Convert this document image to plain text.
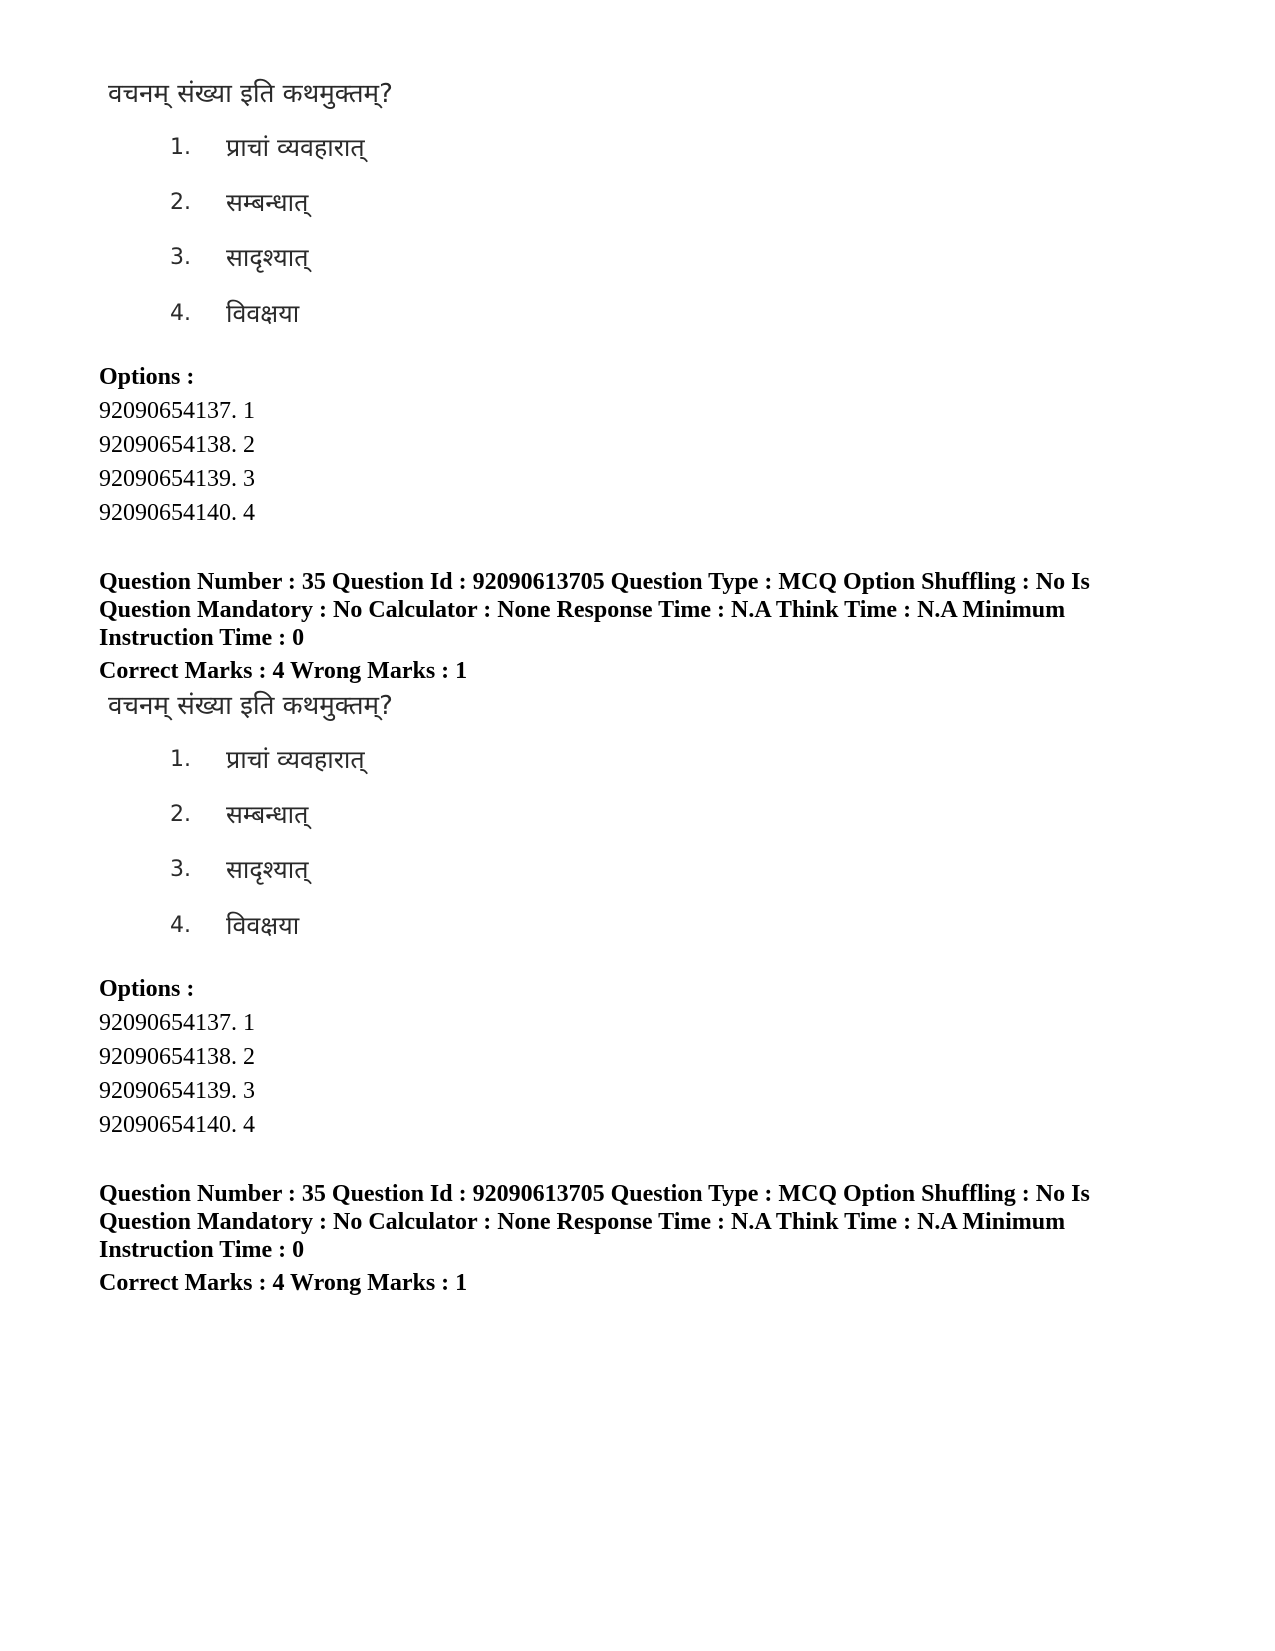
वचनम् संख्या इति कथमुक्तम्?
1. प्राचां व्यवहारात्
2. सम्बन्धात्
3. सादृश्यात्
4. विवक्षया
Options :
92090654137. 1
92090654138. 2
92090654139. 3
92090654140. 4
Question Number : 35 Question Id : 92090613705 Question Type : MCQ Option Shuffling : No Is
Question Mandatory : No Calculator : None Response Time : N.A Think Time : N.A Minimum
Instruction Time : 0
Correct Marks : 4 Wrong Marks : 1
वचनम् संख्या इति कथमुक्तम्?
1. प्राचां व्यवहारात्
2. सम्बन्धात्
3. सादृश्यात्
4. विवक्षया
Options :
92090654137. 1
92090654138. 2
92090654139. 3
92090654140. 4
Question Number : 35 Question Id : 92090613705 Question Type : MCQ Option Shuffling : No Is
Question Mandatory : No Calculator : None Response Time : N.A Think Time : N.A Minimum
Instruction Time : 0
Correct Marks : 4 Wrong Marks : 1
